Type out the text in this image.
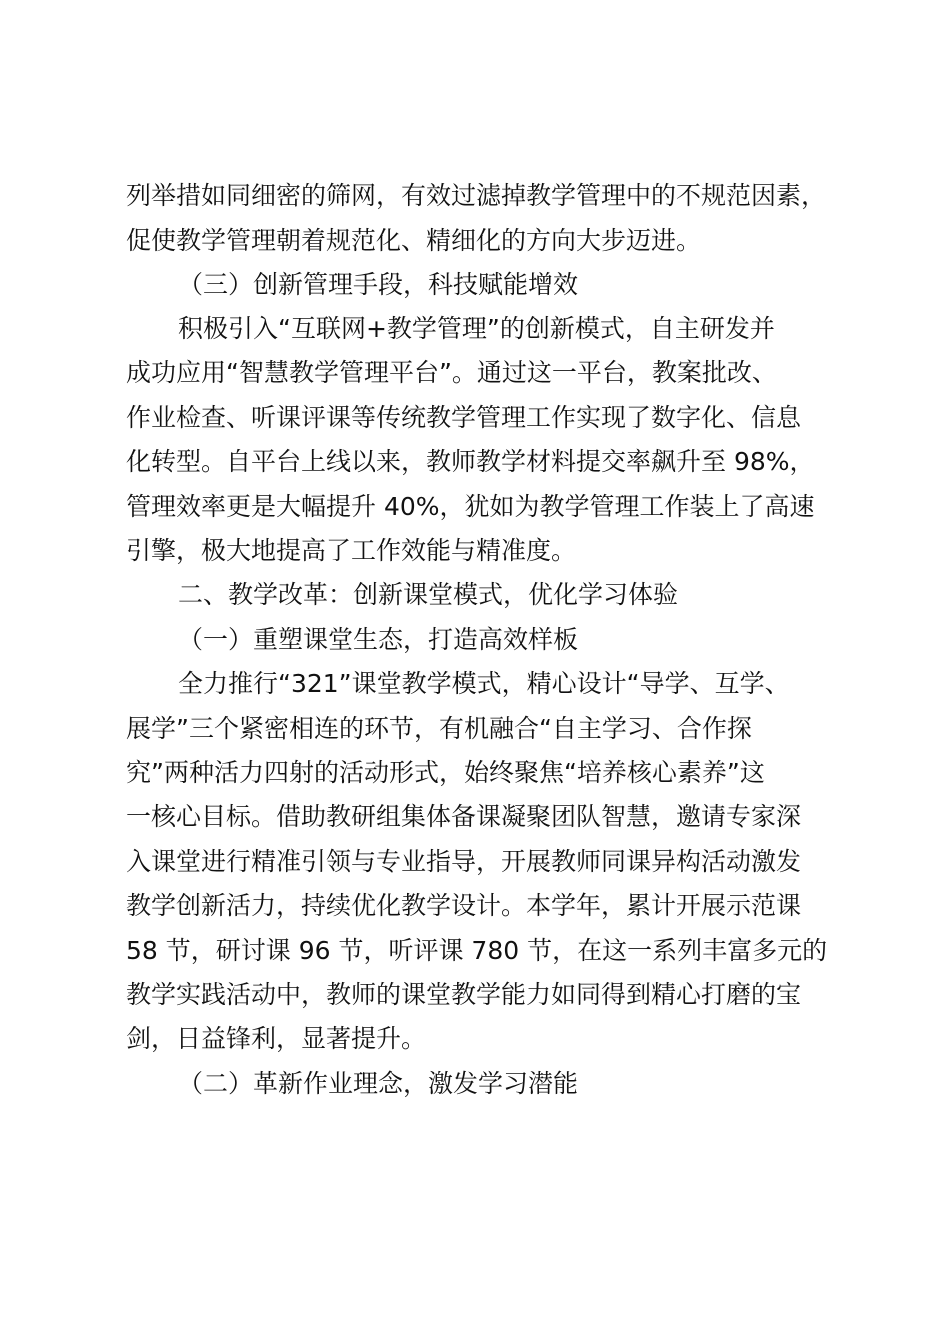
列举措如同细密的筛网，有效过滤掉教学管理中的不规范因素，

促使教学管理朝着规范化、精细化的方向大步迈进。

（三）创新管理手段，科技赋能增效

积极引入“互联网+教学管理”的创新模式，自主研发并

成功应用“智慧教学管理平台”。通过这一平台，教案批改、

作业检查、听课评课等传统教学管理工作实现了数字化、信息

化转型。自平台上线以来，教师教学材料提交率飙升至 98%，

管理效率更是大幅提升 40%，犹如为教学管理工作装上了高速

引擎，极大地提高了工作效能与精准度。

二、教学改革：创新课堂模式，优化学习体验

（一）重塑课堂生态，打造高效样板

全力推行“321”课堂教学模式，精心设计“导学、互学、

展学”三个紧密相连的环节，有机融合“自主学习、合作探

究”两种活力四射的活动形式，始终聚焦“培养核心素养”这

一核心目标。借助教研组集体备课凝聚团队智慧，邀请专家深

入课堂进行精准引领与专业指导，开展教师同课异构活动激发

教学创新活力，持续优化教学设计。本学年，累计开展示范课

58 节，研讨课 96 节，听评课 780 节，在这一系列丰富多元的

教学实践活动中，教师的课堂教学能力如同得到精心打磨的宝

剑，日益锋利，显著提升。

（二）革新作业理念，激发学习潜能
